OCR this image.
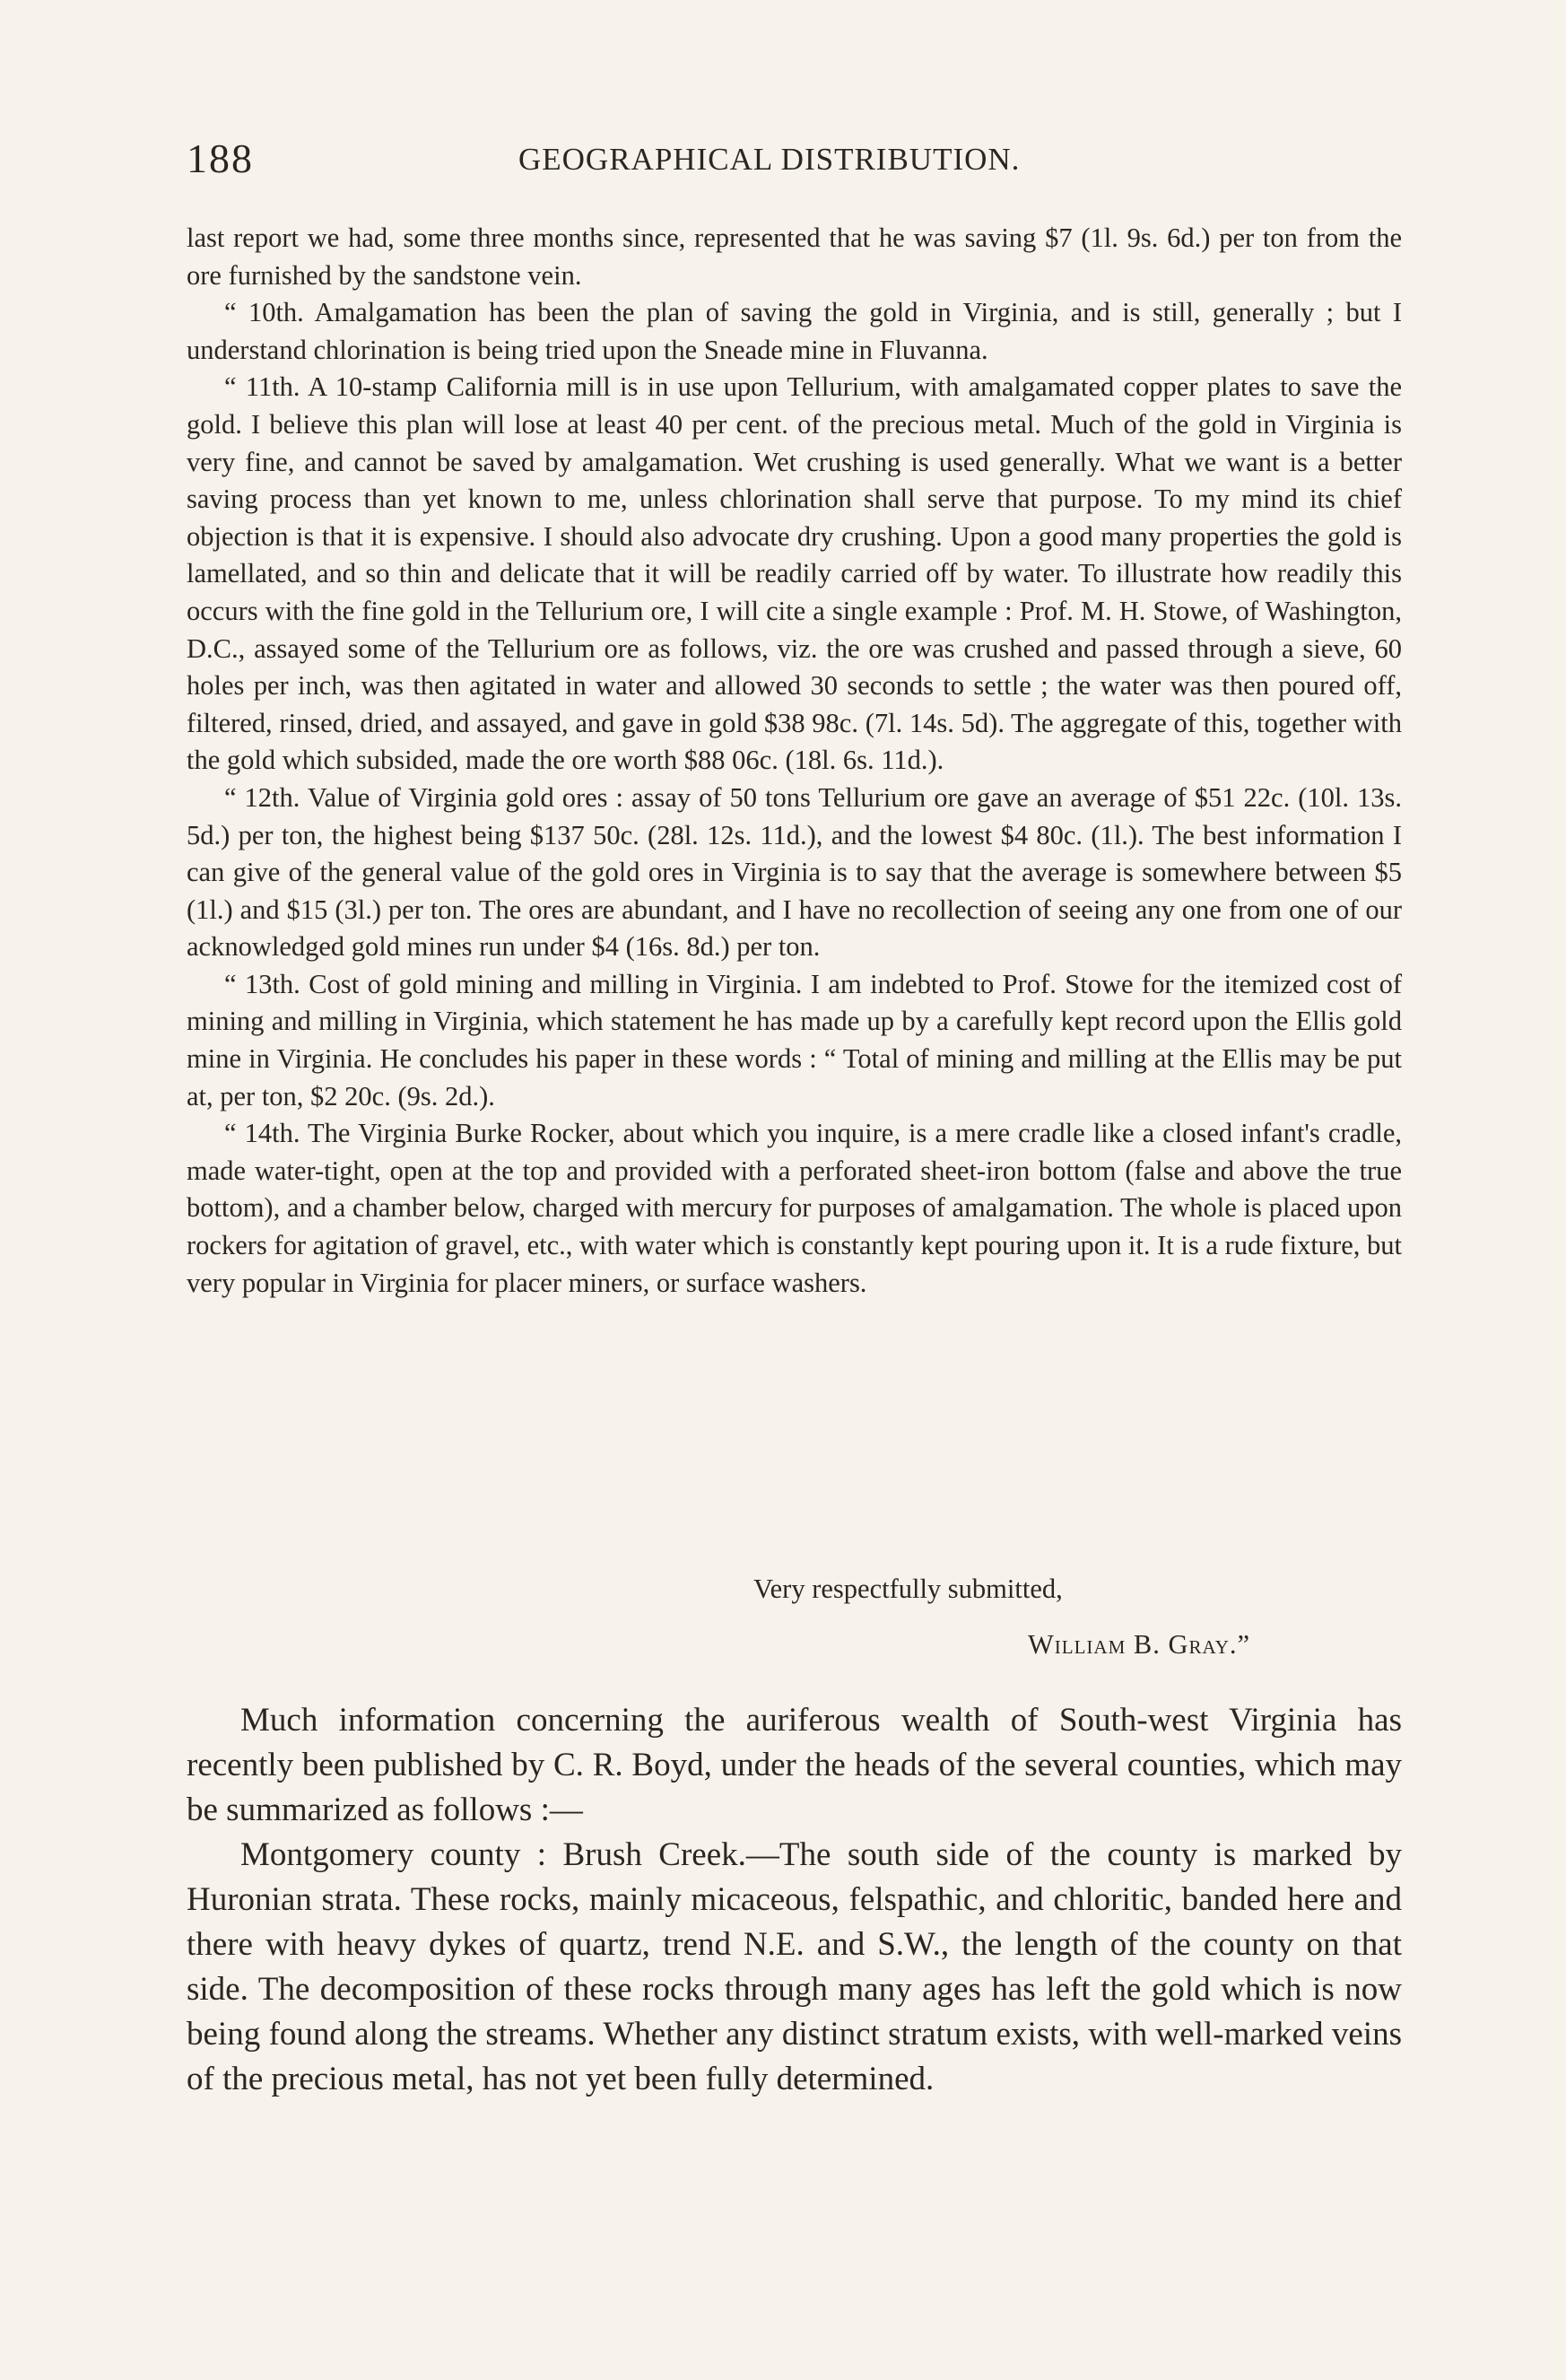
188	GEOGRAPHICAL DISTRIBUTION.

last report we had, some three months since, represented that he was saving $7 (1l. 9s. 6d.) per ton from the ore furnished by the sandstone vein.

“ 10th. Amalgamation has been the plan of saving the gold in Virginia, and is still, generally ; but I understand chlorination is being tried upon the Sneade mine in Fluvanna.

“ 11th. A 10-stamp California mill is in use upon Tellurium, with amalgamated copper plates to save the gold. I believe this plan will lose at least 40 per cent. of the precious metal. Much of the gold in Virginia is very fine, and cannot be saved by amalgamation. Wet crushing is used generally. What we want is a better saving process than yet known to me, unless chlorination shall serve that purpose. To my mind its chief objection is that it is expensive. I should also advocate dry crushing. Upon a good many properties the gold is lamellated, and so thin and delicate that it will be readily carried off by water. To illustrate how readily this occurs with the fine gold in the Tellurium ore, I will cite a single example : Prof. M. H. Stowe, of Washington, D.C., assayed some of the Tellurium ore as follows, viz. the ore was crushed and passed through a sieve, 60 holes per inch, was then agitated in water and allowed 30 seconds to settle ; the water was then poured off, filtered, rinsed, dried, and assayed, and gave in gold $38 98c. (7l. 14s. 5d). The aggregate of this, together with the gold which subsided, made the ore worth $88 06c. (18l. 6s. 11d.).

“ 12th. Value of Virginia gold ores : assay of 50 tons Tellurium ore gave an average of $51 22c. (10l. 13s. 5d.) per ton, the highest being $137 50c. (28l. 12s. 11d.), and the lowest $4 80c. (1l.). The best information I can give of the general value of the gold ores in Virginia is to say that the average is somewhere between $5 (1l.) and $15 (3l.) per ton. The ores are abundant, and I have no recollection of seeing any one from one of our acknowledged gold mines run under $4 (16s. 8d.) per ton.

“ 13th. Cost of gold mining and milling in Virginia. I am indebted to Prof. Stowe for the itemized cost of mining and milling in Virginia, which statement he has made up by a carefully kept record upon the Ellis gold mine in Virginia. He concludes his paper in these words : “ Total of mining and milling at the Ellis may be put at, per ton, $2 20c. (9s. 2d.).

“ 14th. The Virginia Burke Rocker, about which you inquire, is a mere cradle like a closed infant's cradle, made water-tight, open at the top and provided with a perforated sheet-iron bottom (false and above the true bottom), and a chamber below, charged with mercury for purposes of amalgamation. The whole is placed upon rockers for agitation of gravel, etc., with water which is constantly kept pouring upon it. It is a rude fixture, but very popular in Virginia for placer miners, or surface washers.

Very respectfully submitted,
William B. Gray.”

Much information concerning the auriferous wealth of South-west Virginia has recently been published by C. R. Boyd, under the heads of the several counties, which may be summarized as follows :—

Montgomery county : Brush Creek.—The south side of the county is marked by Huronian strata. These rocks, mainly micaceous, felspathic, and chloritic, banded here and there with heavy dykes of quartz, trend N.E. and S.W., the length of the county on that side. The decomposition of these rocks through many ages has left the gold which is now being found along the streams. Whether any distinct stratum exists, with well-marked veins of the precious metal, has not yet been fully determined.
